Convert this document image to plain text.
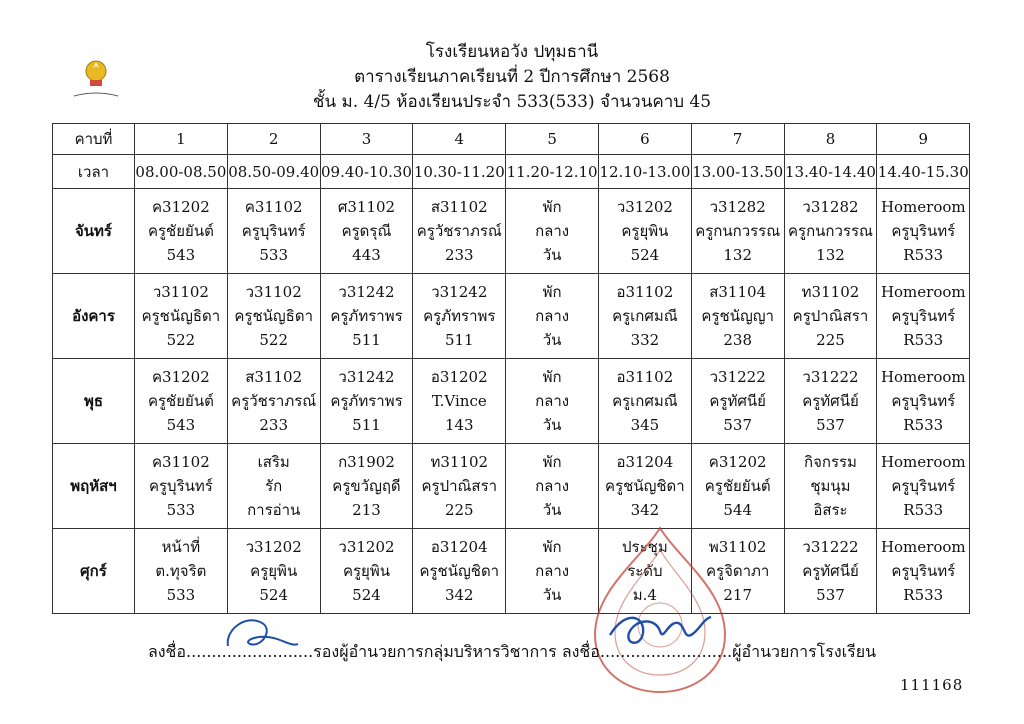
โรงเรียนหอวัง ปทุมธานี
ตารางเรียนภาคเรียนที่ 2 ปีการศึกษา 2568
ชั้น ม. 4/5 ห้องเรียนประจำ 533(533) จำนวนคาบ 45
คาบที่	1	2	3	4	5	6	7	8	9
เวลา	08.00-08.50	08.50-09.40	09.40-10.30	10.30-11.20	11.20-12.10	12.10-13.00	13.00-13.50	13.40-14.40	14.40-15.30
จันทร์	ค31202
ครูชัยยันต์
543	ค31102
ครูบุรินทร์
533	ศ31102
ครูดรุณี
443	ส31102
ครูวัชราภรณ์
233	พัก
กลาง
วัน	ว31202
ครูยุพิน
524	ว31282
ครูกนกวรรณ
132	ว31282
ครูกนกวรรณ
132	Homeroom
ครูบุรินทร์
R533

อังคาร	ว31102
ครูชนัญธิดา
522	ว31102
ครูชนัญธิดา
522	ว31242
ครูภัทราพร
511	ว31242
ครูภัทราพร
511	พัก
กลาง
วัน	อ31102
ครูเกศมณี
332	ส31104
ครูชนัญญา
238	ท31102
ครูปาณิสรา
225	Homeroom
ครูบุรินทร์
R533

พุธ	ค31202
ครูชัยยันต์
543	ส31102
ครูวัชราภรณ์
233	ว31242
ครูภัทราพร
511	อ31202
T.Vince
143	พัก
กลาง
วัน	อ31102
ครูเกศมณี
345	ว31222
ครูทัศนีย์
537	ว31222
ครูทัศนีย์
537	Homeroom
ครูบุรินทร์
R533

พฤหัสฯ	ค31102
ครูบุรินทร์
533	เสริม
รัก
การอ่าน	ก31902
ครูขวัญฤดี
213	ท31102
ครูปาณิสรา
225	พัก
กลาง
วัน	อ31204
ครูชนัญชิดา
342	ค31202
ครูชัยยันต์
544	กิจกรรม
ชุมนุม
อิสระ	Homeroom
ครูบุรินทร์
R533

ศุกร์	หน้าที่
ต.ทุจริต
533	ว31202
ครูยุพิน
524	ว31202
ครูยุพิน
524	อ31204
ครูชนัญชิดา
342	พัก
กลาง
วัน	ประชุม
ระดับ
ม.4	พ31102
ครูจิดาภา
217	ว31222
ครูทัศนีย์
537	Homeroom
ครูบุรินทร์
R533
ลงชื่อ.........................รองผู้อำนวยการกลุ่มบริหารวิชาการ ลงชื่อ..........................ผู้อำนวยการโรงเรียน
111168
